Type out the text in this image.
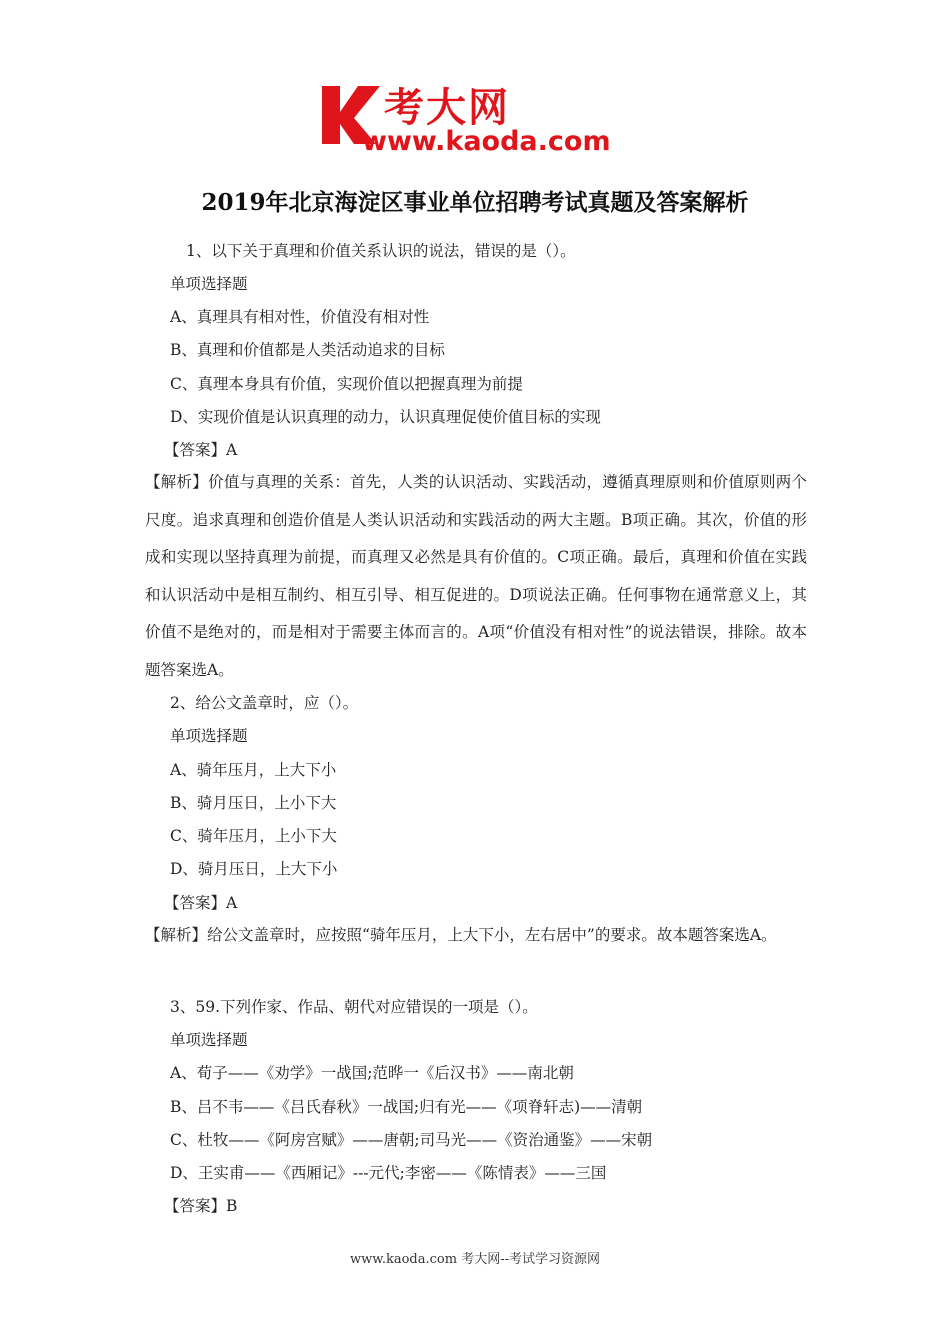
考大网
www.kaoda.com
2019年北京海淀区事业单位招聘考试真题及答案解析
1、以下关于真理和价值关系认识的说法，错误的是（）。
单项选择题
A、真理具有相对性，价值没有相对性
B、真理和价值都是人类活动追求的目标
C、真理本身具有价值，实现价值以把握真理为前提
D、实现价值是认识真理的动力，认识真理促使价值目标的实现
【答案】A
【解析】价值与真理的关系：首先，人类的认识活动、实践活动，遵循真理原则和价值原则两个尺度。追求真理和创造价值是人类认识活动和实践活动的两大主题。B项正确。其次，价值的形成和实现以坚持真理为前提，而真理又必然是具有价值的。C项正确。最后，真理和价值在实践和认识活动中是相互制约、相互引导、相互促进的。D项说法正确。任何事物在通常意义上，其价值不是绝对的，而是相对于需要主体而言的。A项“价值没有相对性”的说法错误，排除。故本题答案选A。
2、给公文盖章时，应（）。
单项选择题
A、骑年压月，上大下小
B、骑月压日，上小下大
C、骑年压月，上小下大
D、骑月压日，上大下小
【答案】A
【解析】给公文盖章时，应按照“骑年压月，上大下小，左右居中”的要求。故本题答案选A。
3、59.下列作家、作品、朝代对应错误的一项是（）。
单项选择题
A、荀子——《劝学》一战国;范晔一《后汉书》——南北朝
B、吕不韦——《吕氏春秋》一战国;归有光——《项脊轩志)——清朝
C、杜牧——《阿房宫赋》——唐朝;司马光——《资治通鉴》——宋朝
D、王实甫——《西厢记》---元代;李密——《陈情表》——三国
【答案】B
www.kaoda.com 考大网--考试学习资源网
